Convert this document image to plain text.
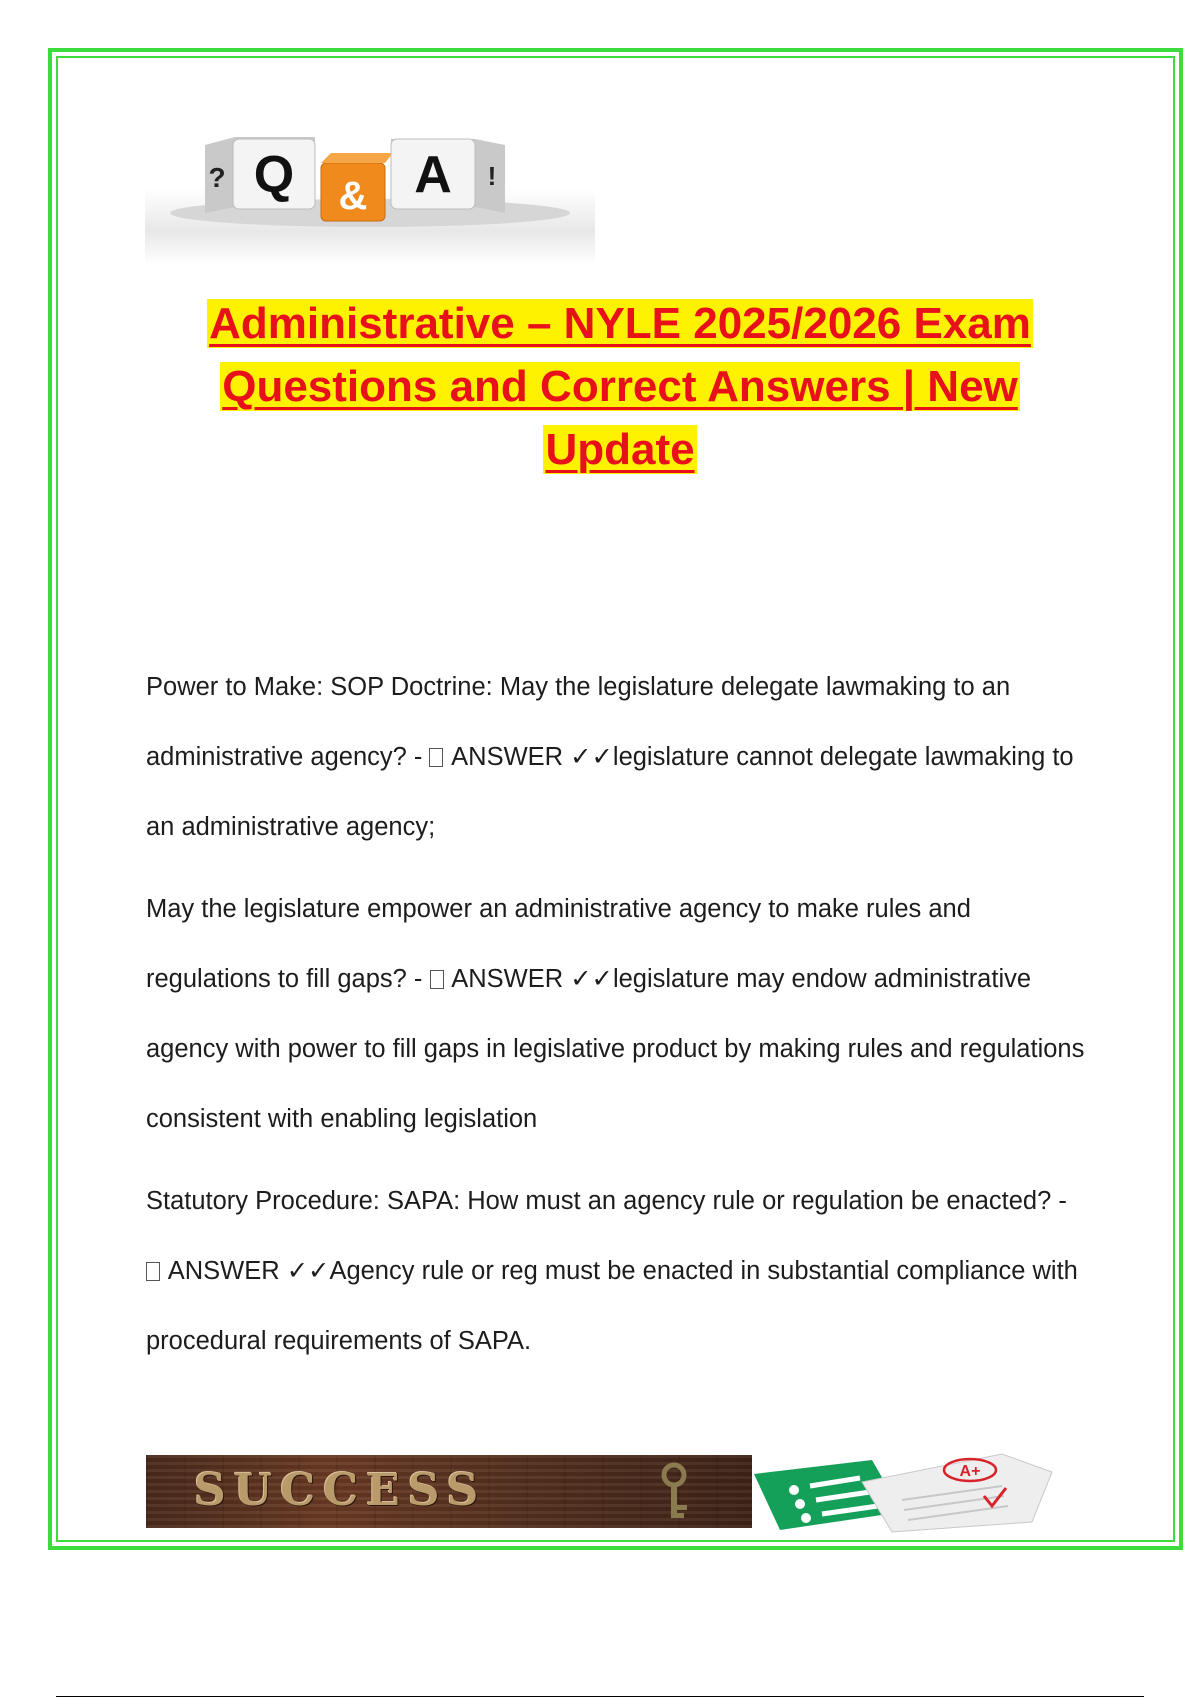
Q
?	& A !
Administrative – NYLE 2025/2026 Exam
Questions and Correct Answers | New
Update

Power to Make: SOP Doctrine: May the legislature delegate lawmaking to an administrative agency? -  ANSWER ✓✓legislature cannot delegate lawmaking to an administrative agency;

May the legislature empower an administrative agency to make rules and regulations to fill gaps? -  ANSWER ✓✓legislature may endow administrative agency with power to fill gaps in legislative product by making rules and regulations consistent with enabling legislation

Statutory Procedure: SAPA: How must an agency rule or regulation be enacted? -  ANSWER ✓✓Agency rule or reg must be enacted in substantial compliance with procedural requirements of SAPA.

SUCCESS	A+
